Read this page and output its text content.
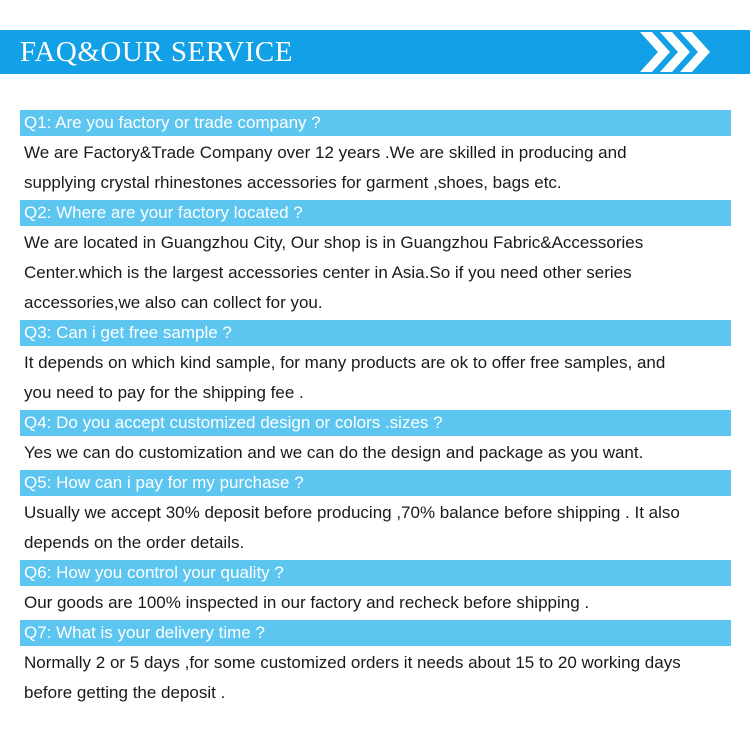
FAQ&OUR SERVICE
Q1: Are you factory or trade company ?
We are Factory&Trade Company over 12 years .We are skilled in producing and
supplying crystal rhinestones accessories for garment ,shoes, bags etc.
Q2: Where are your factory located ?
We are located in Guangzhou City, Our shop is in Guangzhou Fabric&Accessories
Center.which is the largest accessories center in Asia.So if you need other series
accessories,we also can collect for you.
Q3: Can i get free sample ?
It depends on which kind sample, for many products are ok to offer free samples, and
you need to pay for the shipping fee .
Q4: Do you accept customized design or colors .sizes ?
Yes we can do customization and we can do the design and package as you want.
Q5: How can i pay for my purchase ?
Usually we accept 30% deposit before producing ,70% balance before shipping . It also
depends on the order details.
Q6: How you control your quality ?
Our goods are 100% inspected in our factory and recheck before shipping .
Q7: What is your delivery time ?
Normally 2 or 5 days ,for some customized orders it needs about 15 to 20 working days
before getting the deposit .
